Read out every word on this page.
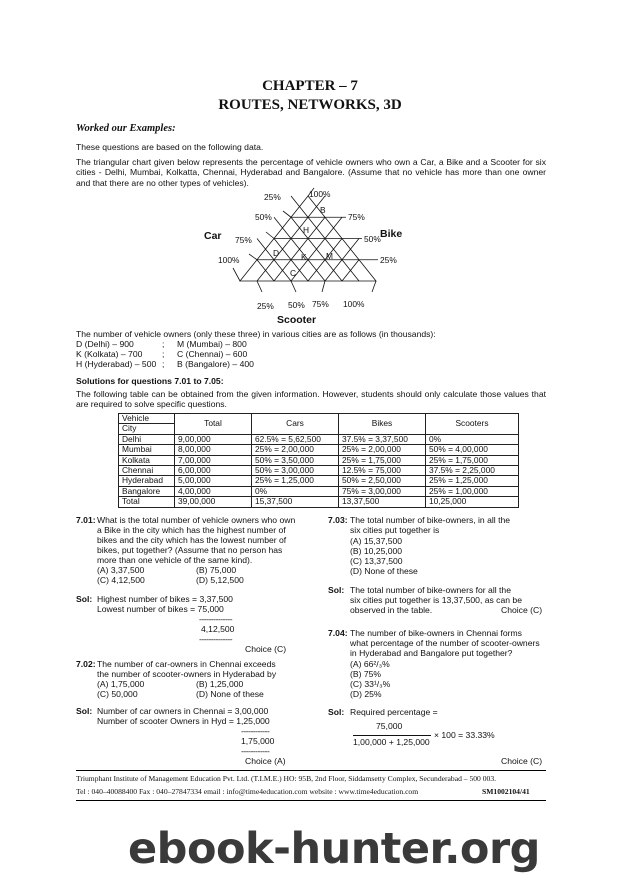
CHAPTER – 7
ROUTES, NETWORKS, 3D
Worked our Examples:
These questions are based on the following data.
The triangular chart given below represents the percentage of vehicle owners who own a Car, a Bike and a Scooter for six cities - Delhi, Mumbai, Kolkatta, Chennai, Hyderabad and Bangalore. (Assume that no vehicle has more than one owner and that there are no other types of vehicles).
100%
75%
50%
25%
25%
50%
75%
100%
25% 50% 75% 100%
B
H
D	K M
C
Car	Bike
Scooter
The number of vehicle owners (only these three) in various cities are as follows (in thousands):
D (Delhi) – 900	; M (Mumbai) – 800
K (Kolkata) – 700 ; C (Chennai) – 600
H (Hyderabad) – 500 ; B (Bangalore) – 400
Solutions for questions 7.01 to 7.05:
The following table can be obtained from the given information. However, students should only calculate those values that are required to solve specific questions.
Vehicle
City	Total	Cars	Bikes	Scooters
Delhi	9,00,000	62.5% = 5,62,500	37.5% = 3,37,500	0%
Mumbai	8,00,000	25% = 2,00,000	25% = 2,00,000	50% = 4,00,000
Kolkata	7,00,000	50% = 3,50,000	25% = 1,75,000	25% = 1,75,000
Chennai	6,00,000	50% = 3,00,000	12.5% = 75,000	37.5% = 2,25,000
Hyderabad	5,00,000	25% = 1,25,000	50% = 2,50,000	25% = 1,25,000
Bangalore	4,00,000	0%	75% = 3,00,000	25% = 1,00,000
Total	39,00,000	15,37,500	13,37,500	10,25,000
7.01: What is the total number of vehicle owners who own
a Bike in the city which has the highest number of
bikes and the city which has the lowest number of
bikes, put together? (Assume that no person has
more than one vehicle of the same kind).
(A) 3,37,500	(B) 75,000
(C) 4,12,500	(D) 5,12,500
Sol: Highest number of bikes = 3,37,500
Lowest number of bikes = 75,000
--------------
4,12,500
--------------
Choice (C)
7.02: The number of car-owners in Chennai exceeds
the number of scooter-owners in Hyderabad by
(A) 1,75,000	(B) 1,25,000
(C) 50,000	(D) None of these
Sol: Number of car owners in Chennai = 3,00,000
Number of scooter Owners in Hyd = 1,25,000
------------
1,75,000
------------
Choice (A)
7.03: The total number of bike-owners, in all the
six cities put together is
(A) 15,37,500
(B) 10,25,000
(C) 13,37,500
(D) None of these
Sol: The total number of bike-owners for all the
six cities put together is 13,37,500, as can be
observed in the table.	Choice (C)
7.04: The number of bike-owners in Chennai forms
what percentage of the number of scooter-owners
in Hyderabad and Bangalore put together?
(A) 66²/₃%
(B) 75%
(C) 33¹/₃%
(D) 25%
Sol: Required percentage =
75,000
1,00,000 + 1,25,000
× 100 = 33.33%
Choice (C)
Triumphant Institute of Management Education Pvt. Ltd. (T.I.M.E.) HO: 95B, 2nd Floor, Siddamsetty Complex, Secunderabad – 500 003.
Tel : 040–40088400 Fax : 040–27847334 email : info@time4education.com website : www.time4education.com	SM1002104/41
ebook-hunter.org
